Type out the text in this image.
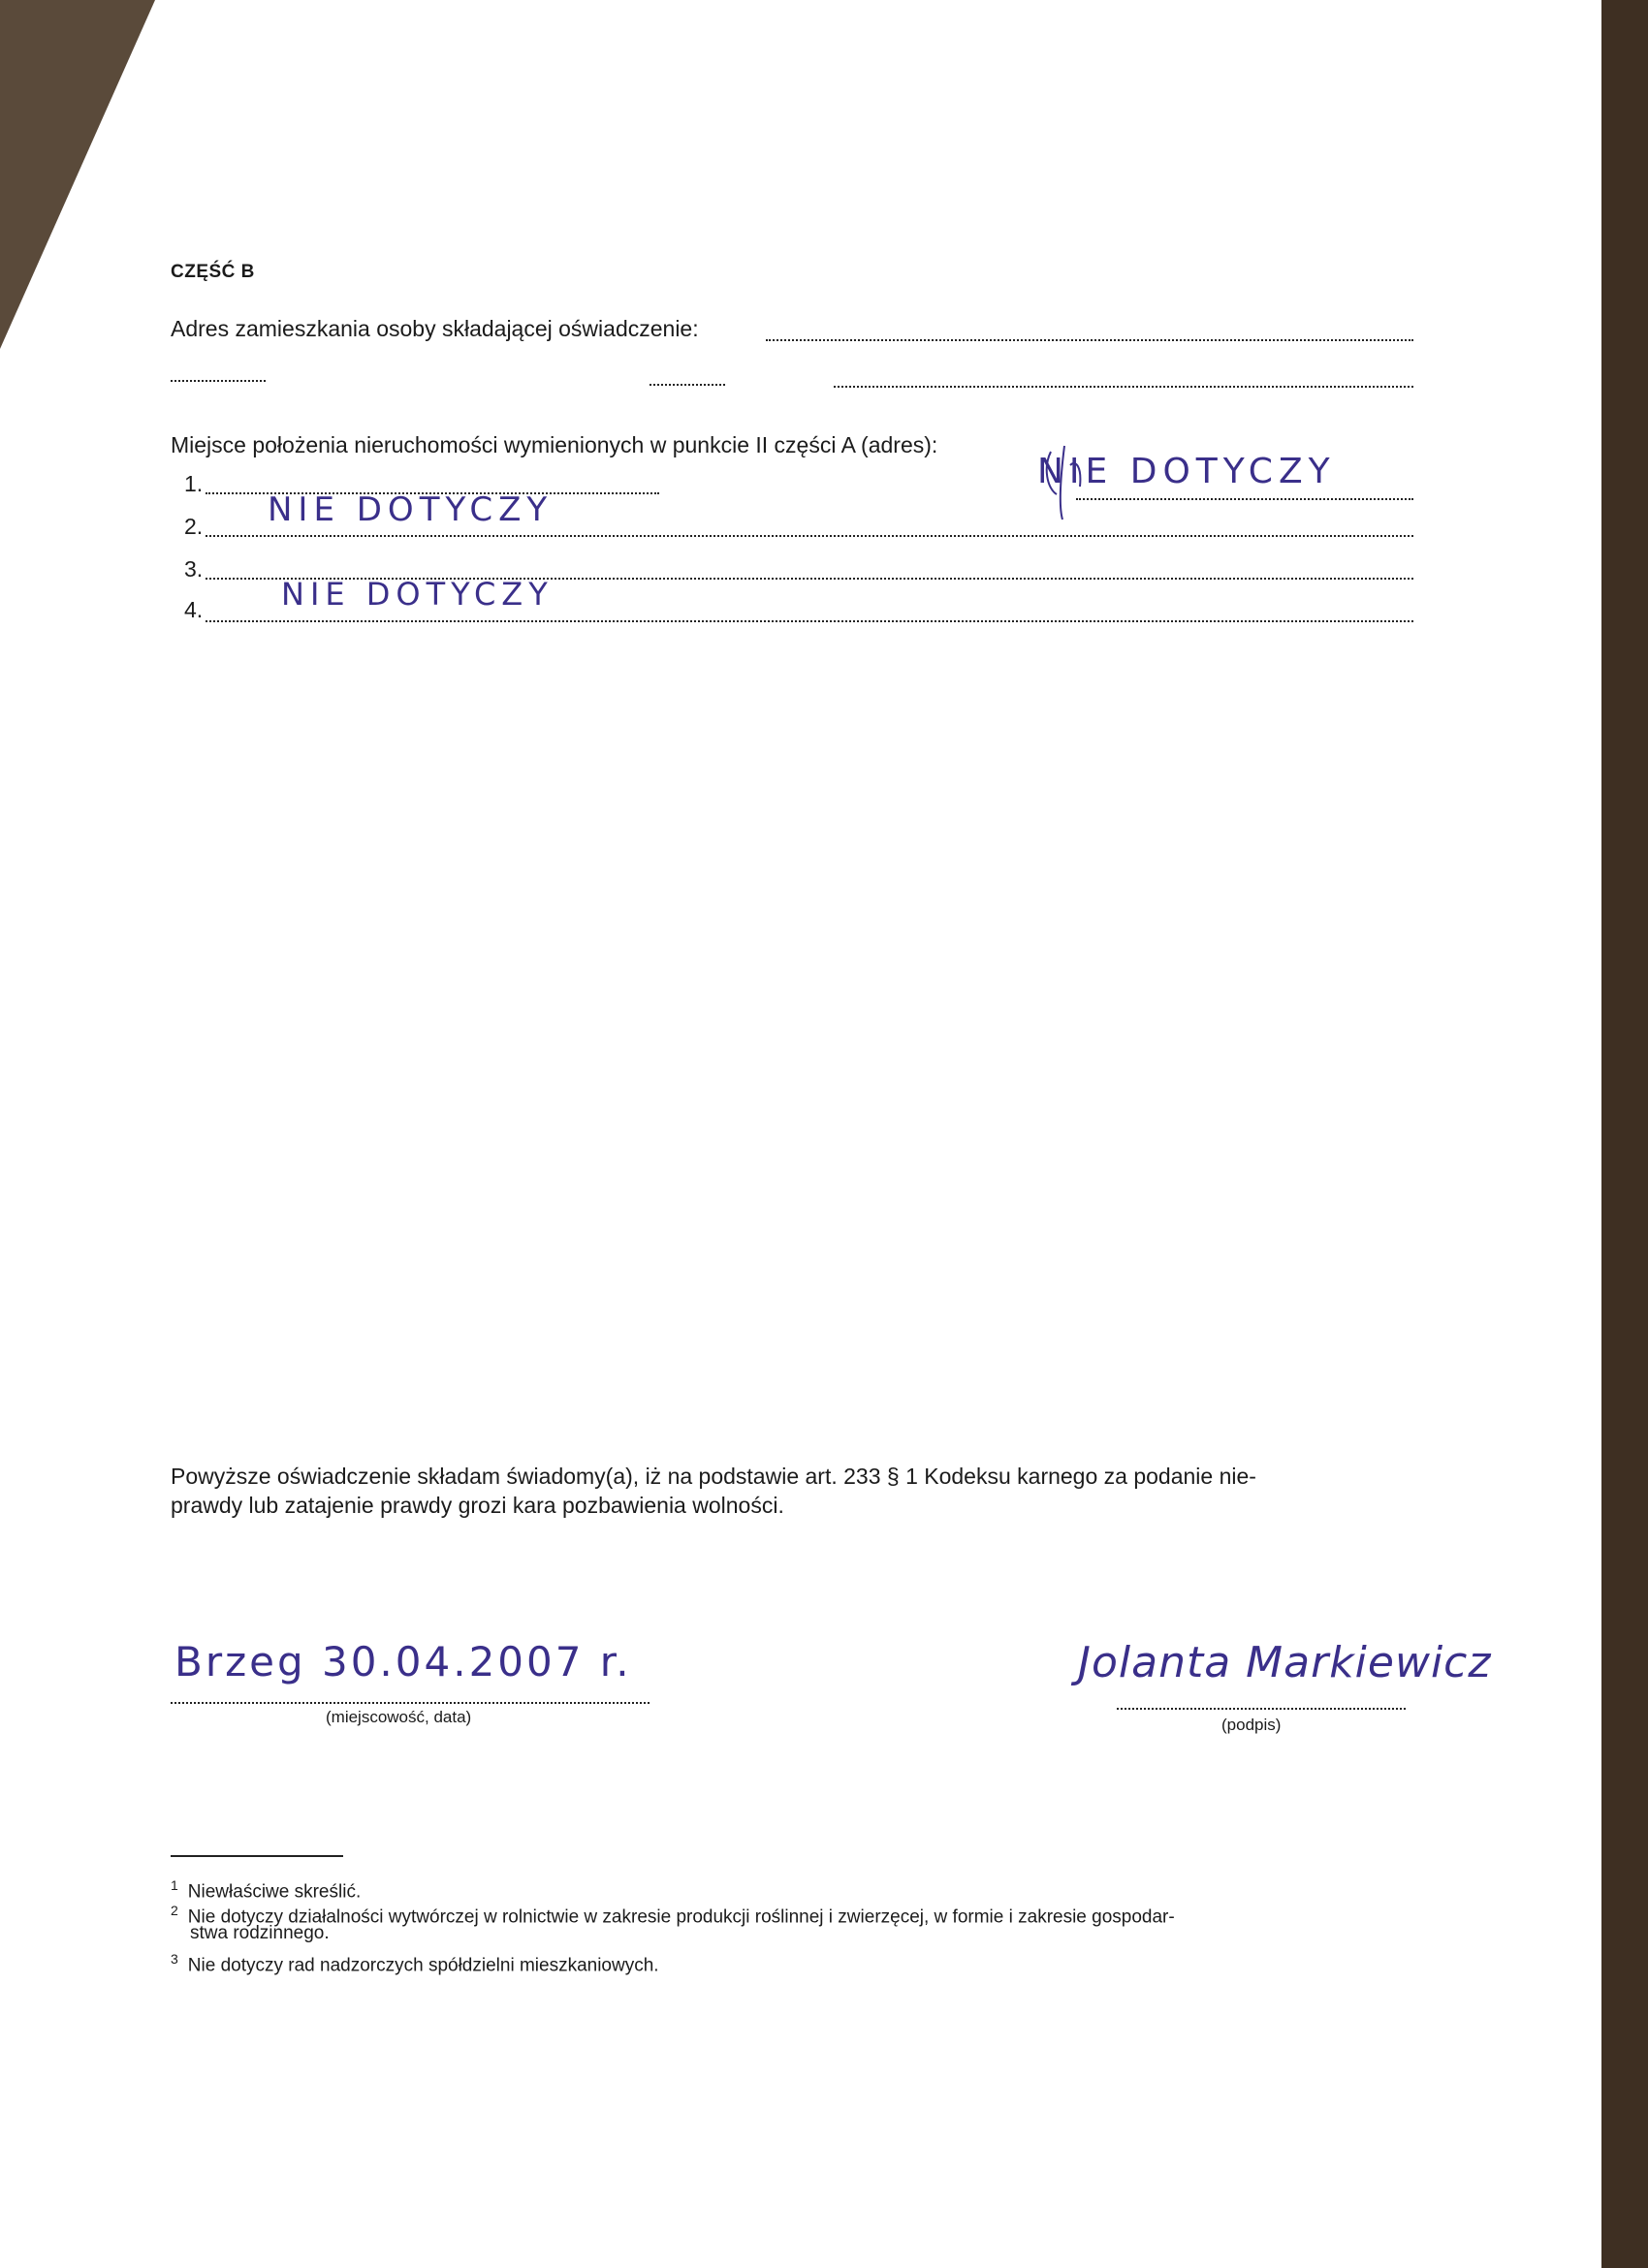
CZĘŚĆ B
Adres zamieszkania osoby składającej oświadczenie:
Miejsce położenia nieruchomości wymienionych w punkcie II części A (adres):
1.	NIE DOTYCZY
2. NIE DOTYCZY
3.
4.	NIE DOTYCZY
Powyższe oświadczenie składam świadomy(a), iż na podstawie art. 233 § 1 Kodeksu karnego za podanie nie-
prawdy lub zatajenie prawdy grozi kara pozbawienia wolności.
Brzeg 30.04.2007 r.
(miejscowość, data)
Jolanta Markiewicz
(podpis)
$^1$ Niewłaściwe skreślić.
$^2$ Nie dotyczy działalności wytwórczej w rolnictwie w zakresie produkcji roślinnej i zwierzęcej, w formie i zakresie gospodar-
stwa rodzinnego.
$^3$ Nie dotyczy rad nadzorczych spółdzielni mieszkaniowych.
